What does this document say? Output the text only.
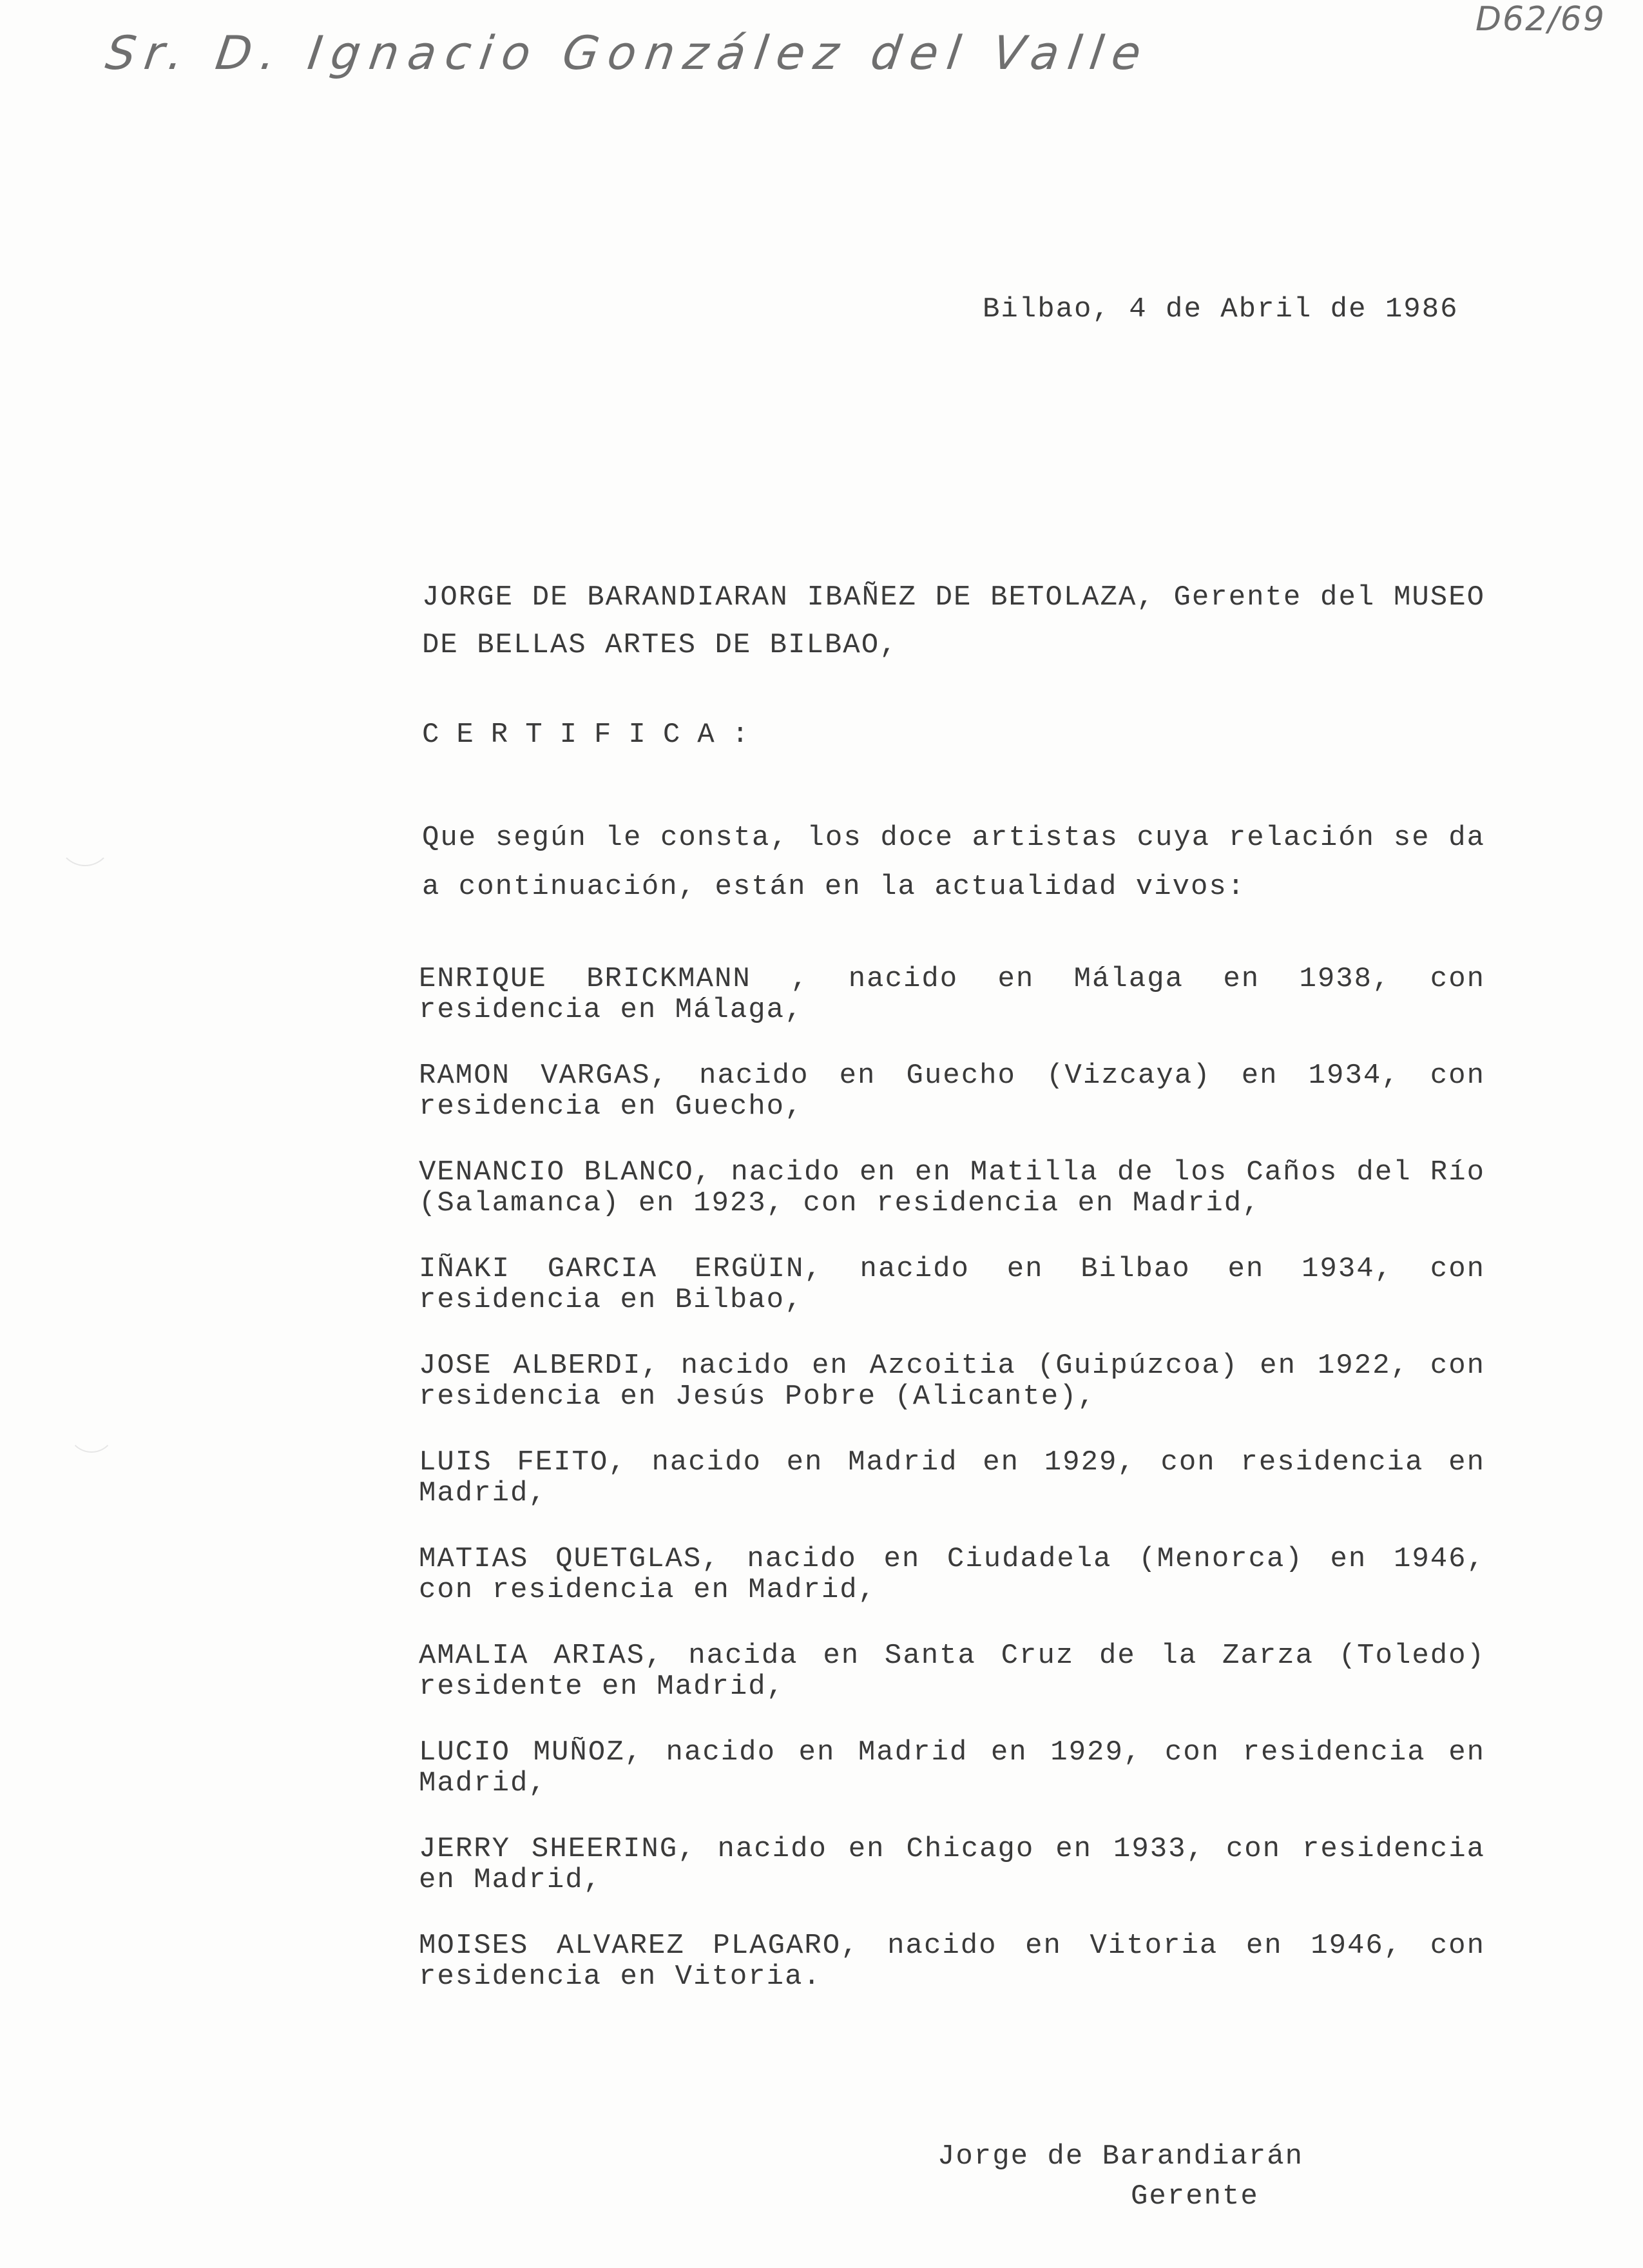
Sr. D. Ignacio González del Valle
D62/69
Bilbao, 4 de Abril de 1986
JORGE DE BARANDIARAN IBAÑEZ DE BETOLAZA, Gerente del MUSEO DE BELLAS ARTES DE BILBAO,
CERTIFICA:
Que según le consta, los doce artistas cuya relación se da a continuación, están en la actualidad vivos:
ENRIQUE BRICKMANN , nacido en Málaga en 1938, con residencia en Málaga,
RAMON VARGAS, nacido en Guecho (Vizcaya) en 1934, con residencia en Guecho,
VENANCIO BLANCO, nacido en en Matilla de los Caños del Río (Salamanca) en 1923, con residencia en Madrid,
IÑAKI GARCIA ERGÜIN, nacido en Bilbao en 1934, con residencia en Bilbao,
JOSE ALBERDI, nacido en Azcoitia (Guipúzcoa) en 1922, con residencia en Jesús Pobre (Alicante),
LUIS FEITO, nacido en Madrid en 1929, con residencia en Madrid,
MATIAS QUETGLAS, nacido en Ciudadela (Menorca) en 1946, con residencia en Madrid,
AMALIA ARIAS, nacida en Santa Cruz de la Zarza (Toledo) residente en Madrid,
LUCIO MUÑOZ, nacido en Madrid en 1929, con residencia en Madrid,
JERRY SHEERING, nacido en Chicago en 1933, con residencia en Madrid,
MOISES ALVAREZ PLAGARO, nacido en Vitoria en 1946, con residencia en Vitoria.
Jorge de Barandiarán
Gerente
